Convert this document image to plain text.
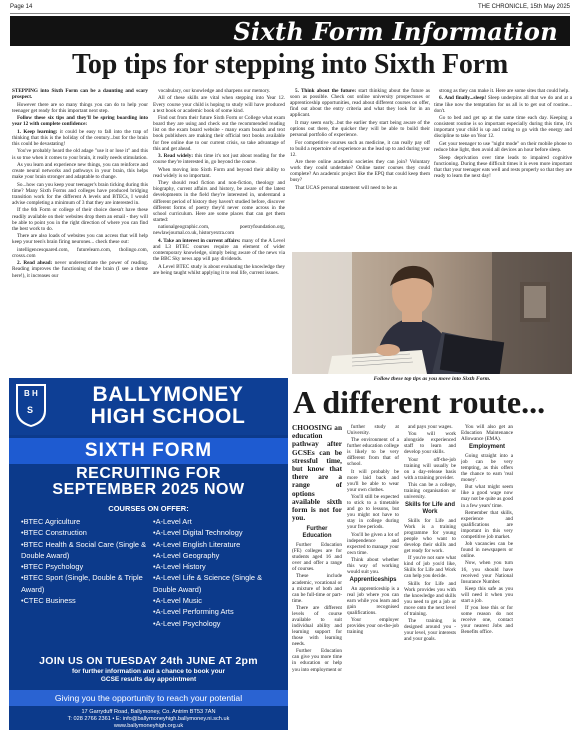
Page 14	THE CHRONICLE, 15th May 2025
Sixth Form Information
Top tips for stepping into Sixth Form

STEPPING into Sixth Form can be a daunting and scary prospect.

However there are so many things you can do to help your teenager get ready for this important next step.

Follow these six tips and they'll be spring boarding into year 12 with complete confidence:

1. Keep learning: it could be easy to fall into the trap of thinking that this is the holiday of the century...but for the brain this could be devastating!

You've probably heard the old adage "use it or lose it" and this is so true when it comes to your brain, it really needs stimulation.

As you learn and experience new things, you can reinforce and create neural networks and pathways in your brain, this helps make your brain stronger and adaptable to change.

So...how can you keep your teenager's brain ticking during this time? Many Sixth Forms and colleges have produced bridging transition work for the different A levels and BTECs, I would advise completing a minimum of 3 that they are interested in.

If the 6th Form or college of their choice doesn't have these readily available on their websites drop them an email - they will be able to point you in the right direction of where you can find the best work to do.

There are also loads of websites you can access that will help keep your teen's brain firing neurones... check these out:

intelligencesquared.com, futurelearn.com, tholingo.com, crossx.com

2. Read ahead: never underestimate the power of reading. Reading improves the functioning of the brain (I see a theme here!), it increases our

vocabulary, our knowledge and sharpens our memory.

All of these skills are vital when stepping into Year 12. Every course your child is hoping to study will have produced a text book or academic book of some kind.

Find out from their future Sixth Form or College what exam board they are using and check out the recommended reading list on the exam board website - many exam boards and text book publishers are making their official text books available for free online due to our current crisis, so take advantage of this and get ahead.

3. Read widely: this time it's not just about reading for the course they're interested in, go beyond the course.

When moving into Sixth Form and beyond their ability to read widely is so important.

They should read fiction and non-fiction, theology and biography, current affairs and history, be aware of the latest developments in the field they're interested in, understand a different period of history they haven't studied before, discover different forms of poetry they'd never come across in the school curriculum. Here are some places that can get them started:

nationalgeographic.com, poetryfoundation.org, newlawjournal.co.uk, historyextra.com

4. Take an interest in current affairs: many of the A Level and L3 BTEC courses require an element of wider contemporary knowledge, simply being aware of the news via the BBC Sky news app will pay dividends.

A Level BTEC study is about evaluating the knowledge they are being taught whilst applying it to real life, current issues.

5. Think about the future: start thinking about the future as soon as possible. Check out online university prospectuses or apprenticeship opportunities, read about different courses on offer, find out about the entry criteria and what they look for in an applicant.

It may seem early...but the earlier they start being aware of the options out there, the quicker they will be able to build their personal portfolio of experience.

For competitive courses such as medicine, it can really pay off to build a repertoire of experience as the lead up to and during year 12.

Are there online academic societies they can join? Voluntary work they could undertake? Online taster courses they could complete? An academic project like the EPQ that could keep them busy?

That UCAS personal statement will need to be as

strong as they can make it. Here are some sites that could help.

6. And finally...sleep! Sleep underpins all that we do and at a time like now the temptation for us all is to get out of routine... don't.

Go to bed and get up at the same time each day. Keeping a consistent routine is so important especially during this time, it's important your child is up and raring to go with the energy and discipline to take on Year 12.

Get your teenager to use "night mode" on their mobile phone to reduce blue light, then avoid all devices an hour before sleep.

Sleep deprivation over time leads to impaired cognitive functioning. During these difficult times it is even more important that that your teenager eats well and rests properly so that they are ready to learn the next day!

Follow these top tips as you move into Sixth Form.
B H
S
BALLYMONEY
HIGH SCHOOL
SIXTH FORM
RECRUITING FOR
SEPTEMBER 2025 NOW
COURSES ON OFFER:
• BTEC Agriculture
• BTEC Construction
• BTEC Health & Social Care (Single & Double Award)
• BTEC Psychology
• BTEC Sport (Single, Double & Triple Award)
• CTEC Business
• A-Level Art
• A-Level Digital Technology
• A-Level English Literature
• A-Level Geography
• A-Level History
• A-Level Life & Science (Single & Double Award)
• A-Level Music
• A-Level Performing Arts
• A-Level Psychology
JOIN US ON TUESDAY 24th JUNE AT 2pm
for further information and a chance to book your
GCSE results day appointment
Giving you the opportunity to reach your potential
17 Garryduff Road, Ballymoney, Co. Antrim BT53 7AN
T: 028 2766 2361 • E: info@ballymoneyhigh.ballymoney.ni.sch.uk
www.ballymoneyhigh.org.uk
A different route...

CHOOSING an education pathway after GCSEs can be stressful time, but know that there are a range of options available sixth form is not for you.

Further Education

Further Education (FE) colleges are for students aged 16 and over and offer a range of courses.

These include academic, vocational or a mixture of both and can be full-time or part-time.

There are different levels of course available to suit individual ability and learning support for those with learning needs.

Further Education can give you more time in education or help you into employment or

further study at University.

The environment of a further education college is likely to be very different from that of school.

It will probably be more laid back and you'll be able to wear your own clothes.

You'll still be expected to stick to a timetable and go to lessons, but you might not have to stay in college during your free periods.

You'll be given a lot of independence and expected to manage your own time.

Think about whether this way of working would suit you.

Apprenticeships

An apprenticeship is a real job where you can earn while you learn and gain recognised qualifications.

Your employer provides your on-the-job training

and pays your wages.

You will work alongside experienced staff to learn and develop your skills.

Your off-the-job training will usually be on a day-release basis with a training provider.

This can be a college, training organisation or university.

Skills for Life and Work

Skills for Life and Work is a training programme for young people who want to develop their skills and get ready for work.

If you're not sure what kind of job you'd like, Skills for Life and Work can help you decide.

Skills for Life and Work provides you with the knowledge and skills you need to get a job or move onto the next level of training.

The training is designed around you - your level, your interests and your goals.

You will also get an Education Maintenance Allowance (EMA).

Employment

Going straight into a job can be very tempting, as this offers the chance to earn 'real money'.

But what might seem like a good wage now may not be quite as good in a few years' time.

Remember that skills, experience and qualifications are important in this very competitive job market.

Job vacancies can be found in newspapers or online.

Now, when you turn 16, you should have received your National Insurance Number.

Keep this safe as you will need it when you start a job.

If you lose this or for some reason do not receive one, contact your nearest Jobs and Benefits office.
